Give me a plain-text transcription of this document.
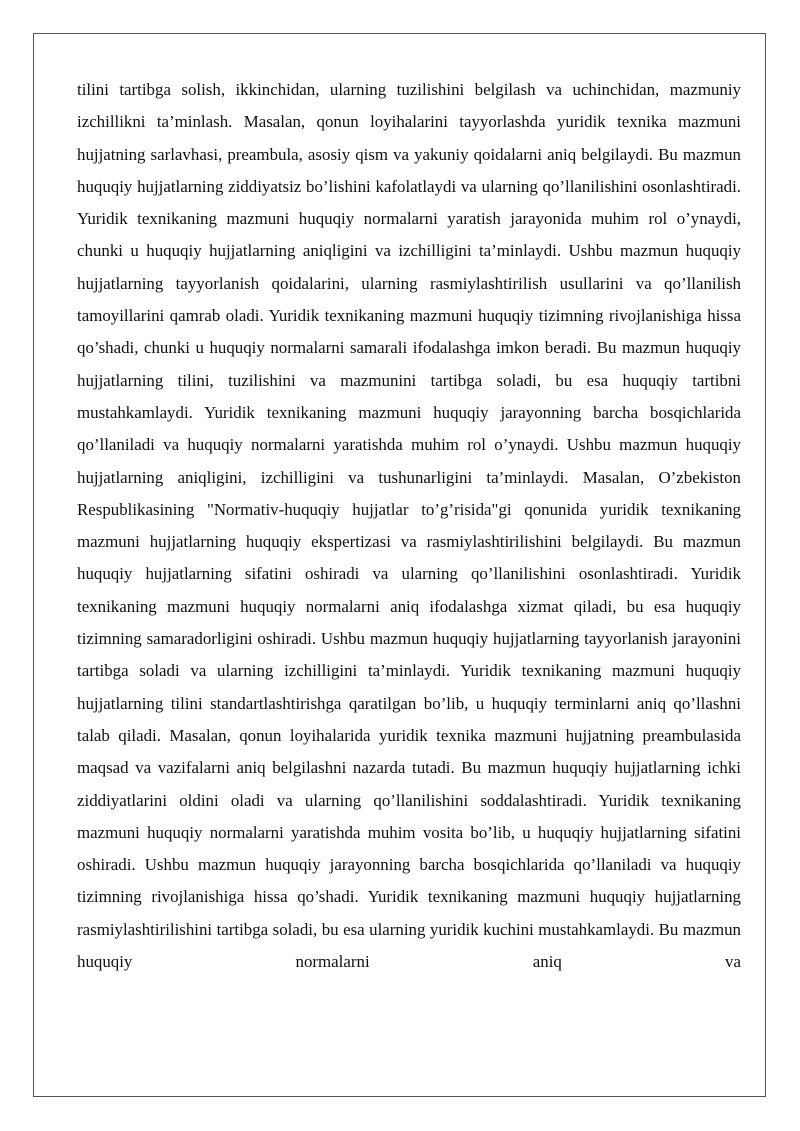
tilini tartibga solish, ikkinchidan, ularning tuzilishini belgilash va uchinchidan, mazmuniy izchillikni ta’minlash. Masalan, qonun loyihalarini tayyorlashda yuridik texnika mazmuni hujjatning sarlavhasi, preambula, asosiy qism va yakuniy qoidalarni aniq belgilaydi. Bu mazmun huquqiy hujjatlarning ziddiyatsiz bo’lishini kafolatlaydi va ularning qo’llanilishini osonlashtiradi. Yuridik texnikaning mazmuni huquqiy normalarni yaratish jarayonida muhim rol o’ynaydi, chunki u huquqiy hujjatlarning aniqligini va izchilligini ta’minlaydi. Ushbu mazmun huquqiy hujjatlarning tayyorlanish qoidalarini, ularning rasmiylashtirilish usullarini va qo’llanilish tamoyillarini qamrab oladi. Yuridik texnikaning mazmuni huquqiy tizimning rivojlanishiga hissa qo’shadi, chunki u huquqiy normalarni samarali ifodalashga imkon beradi. Bu mazmun huquqiy hujjatlarning tilini, tuzilishini va mazmunini tartibga soladi, bu esa huquqiy tartibni mustahkamlaydi. Yuridik texnikaning mazmuni huquqiy jarayonning barcha bosqichlarida qo’llaniladi va huquqiy normalarni yaratishda muhim rol o’ynaydi. Ushbu mazmun huquqiy hujjatlarning aniqligini, izchilligini va tushunarligini ta’minlaydi. Masalan, O’zbekiston Respublikasining "Normativ-huquqiy hujjatlar to’g’risida"gi qonunida yuridik texnikaning mazmuni hujjatlarning huquqiy ekspertizasi va rasmiylashtirilishini belgilaydi. Bu mazmun huquqiy hujjatlarning sifatini oshiradi va ularning qo’llanilishini osonlashtiradi. Yuridik texnikaning mazmuni huquqiy normalarni aniq ifodalashga xizmat qiladi, bu esa huquqiy tizimning samaradorligini oshiradi. Ushbu mazmun huquqiy hujjatlarning tayyorlanish jarayonini tartibga soladi va ularning izchilligini ta’minlaydi. Yuridik texnikaning mazmuni huquqiy hujjatlarning tilini standartlashtirishga qaratilgan bo’lib, u huquqiy terminlarni aniq qo’llashni talab qiladi. Masalan, qonun loyihalarida yuridik texnika mazmuni hujjatning preambulasida maqsad va vazifalarni aniq belgilashni nazarda tutadi. Bu mazmun huquqiy hujjatlarning ichki ziddiyatlarini oldini oladi va ularning qo’llanilishini soddalashtiradi. Yuridik texnikaning mazmuni huquqiy normalarni yaratishda muhim vosita bo’lib, u huquqiy hujjatlarning sifatini oshiradi. Ushbu mazmun huquqiy jarayonning barcha bosqichlarida qo’llaniladi va huquqiy tizimning rivojlanishiga hissa qo’shadi. Yuridik texnikaning mazmuni huquqiy hujjatlarning rasmiylashtirilishini tartibga soladi, bu esa ularning yuridik kuchini mustahkamlaydi. Bu mazmun huquqiy normalarni aniq va
